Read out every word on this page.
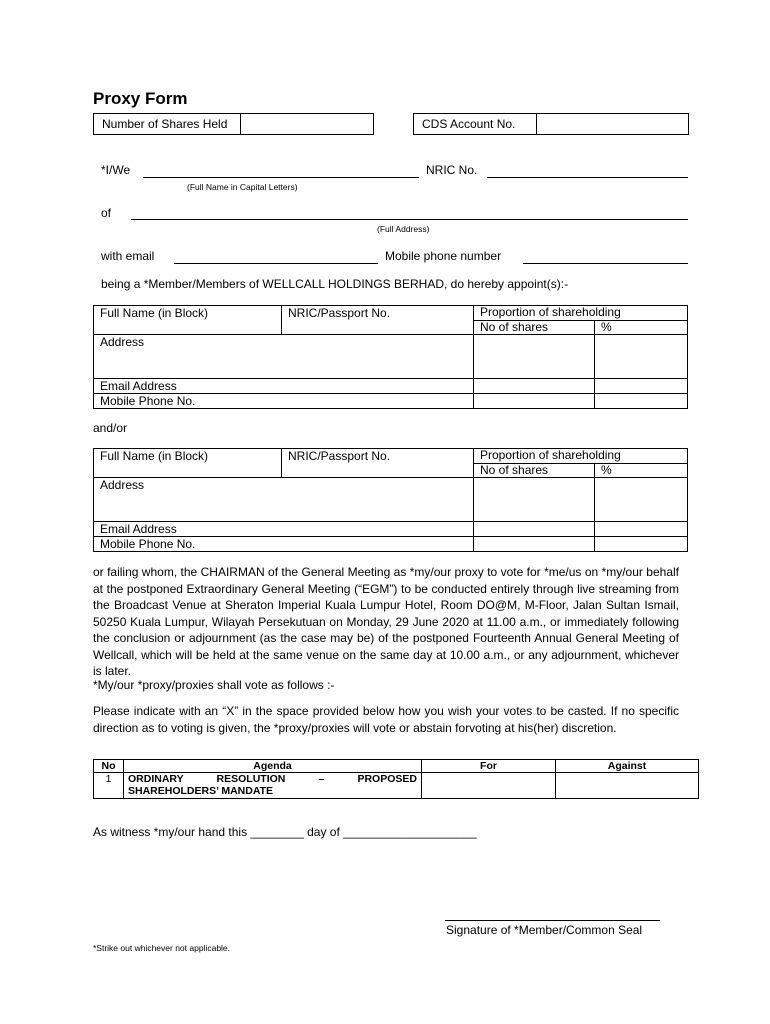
Proxy Form
Number of Shares Held	CDS Account No.
*I/We	NRIC No.
(Full Name in Capital Letters)
of
(Full Address)
with email	Mobile phone number
being a *Member/Members of WELLCALL HOLDINGS BERHAD, do hereby appoint(s):-
Full Name (in Block)	NRIC/Passport No.	Proportion of shareholding	
		No of shares	%
Address			
Email Address			
Mobile Phone No.			
and/or
Full Name (in Block)	NRIC/Passport No.	Proportion of shareholding	
		No of shares	%
Address			
Email Address			
Mobile Phone No.			
or failing whom, the CHAIRMAN of the General Meeting as *my/our proxy to vote for *me/us on *my/our behalf at the postponed Extraordinary General Meeting (“EGM”) to be conducted entirely through live streaming from the Broadcast Venue at Sheraton Imperial Kuala Lumpur Hotel, Room DO@M, M-Floor, Jalan Sultan Ismail, 50250 Kuala Lumpur, Wilayah Persekutuan on Monday, 29 June 2020 at 11.00 a.m., or immediately following the conclusion or adjournment (as the case may be) of the postponed Fourteenth Annual General Meeting of Wellcall, which will be held at the same venue on the same day at 10.00 a.m., or any adjournment, whichever is later.
*My/our *proxy/proxies shall vote as follows :-
Please indicate with an “X” in the space provided below how you wish your votes to be casted. If no specific direction as to voting is given, the *proxy/proxies will vote or abstain forvoting at his(her) discretion.
No	Agenda	For	Against
1	ORDINARY RESOLUTION – PROPOSED
SHAREHOLDERS’ MANDATE		

As witness *my/our hand this ________ day of ____________________
Signature of *Member/Common Seal
*Strike out whichever not applicable.
